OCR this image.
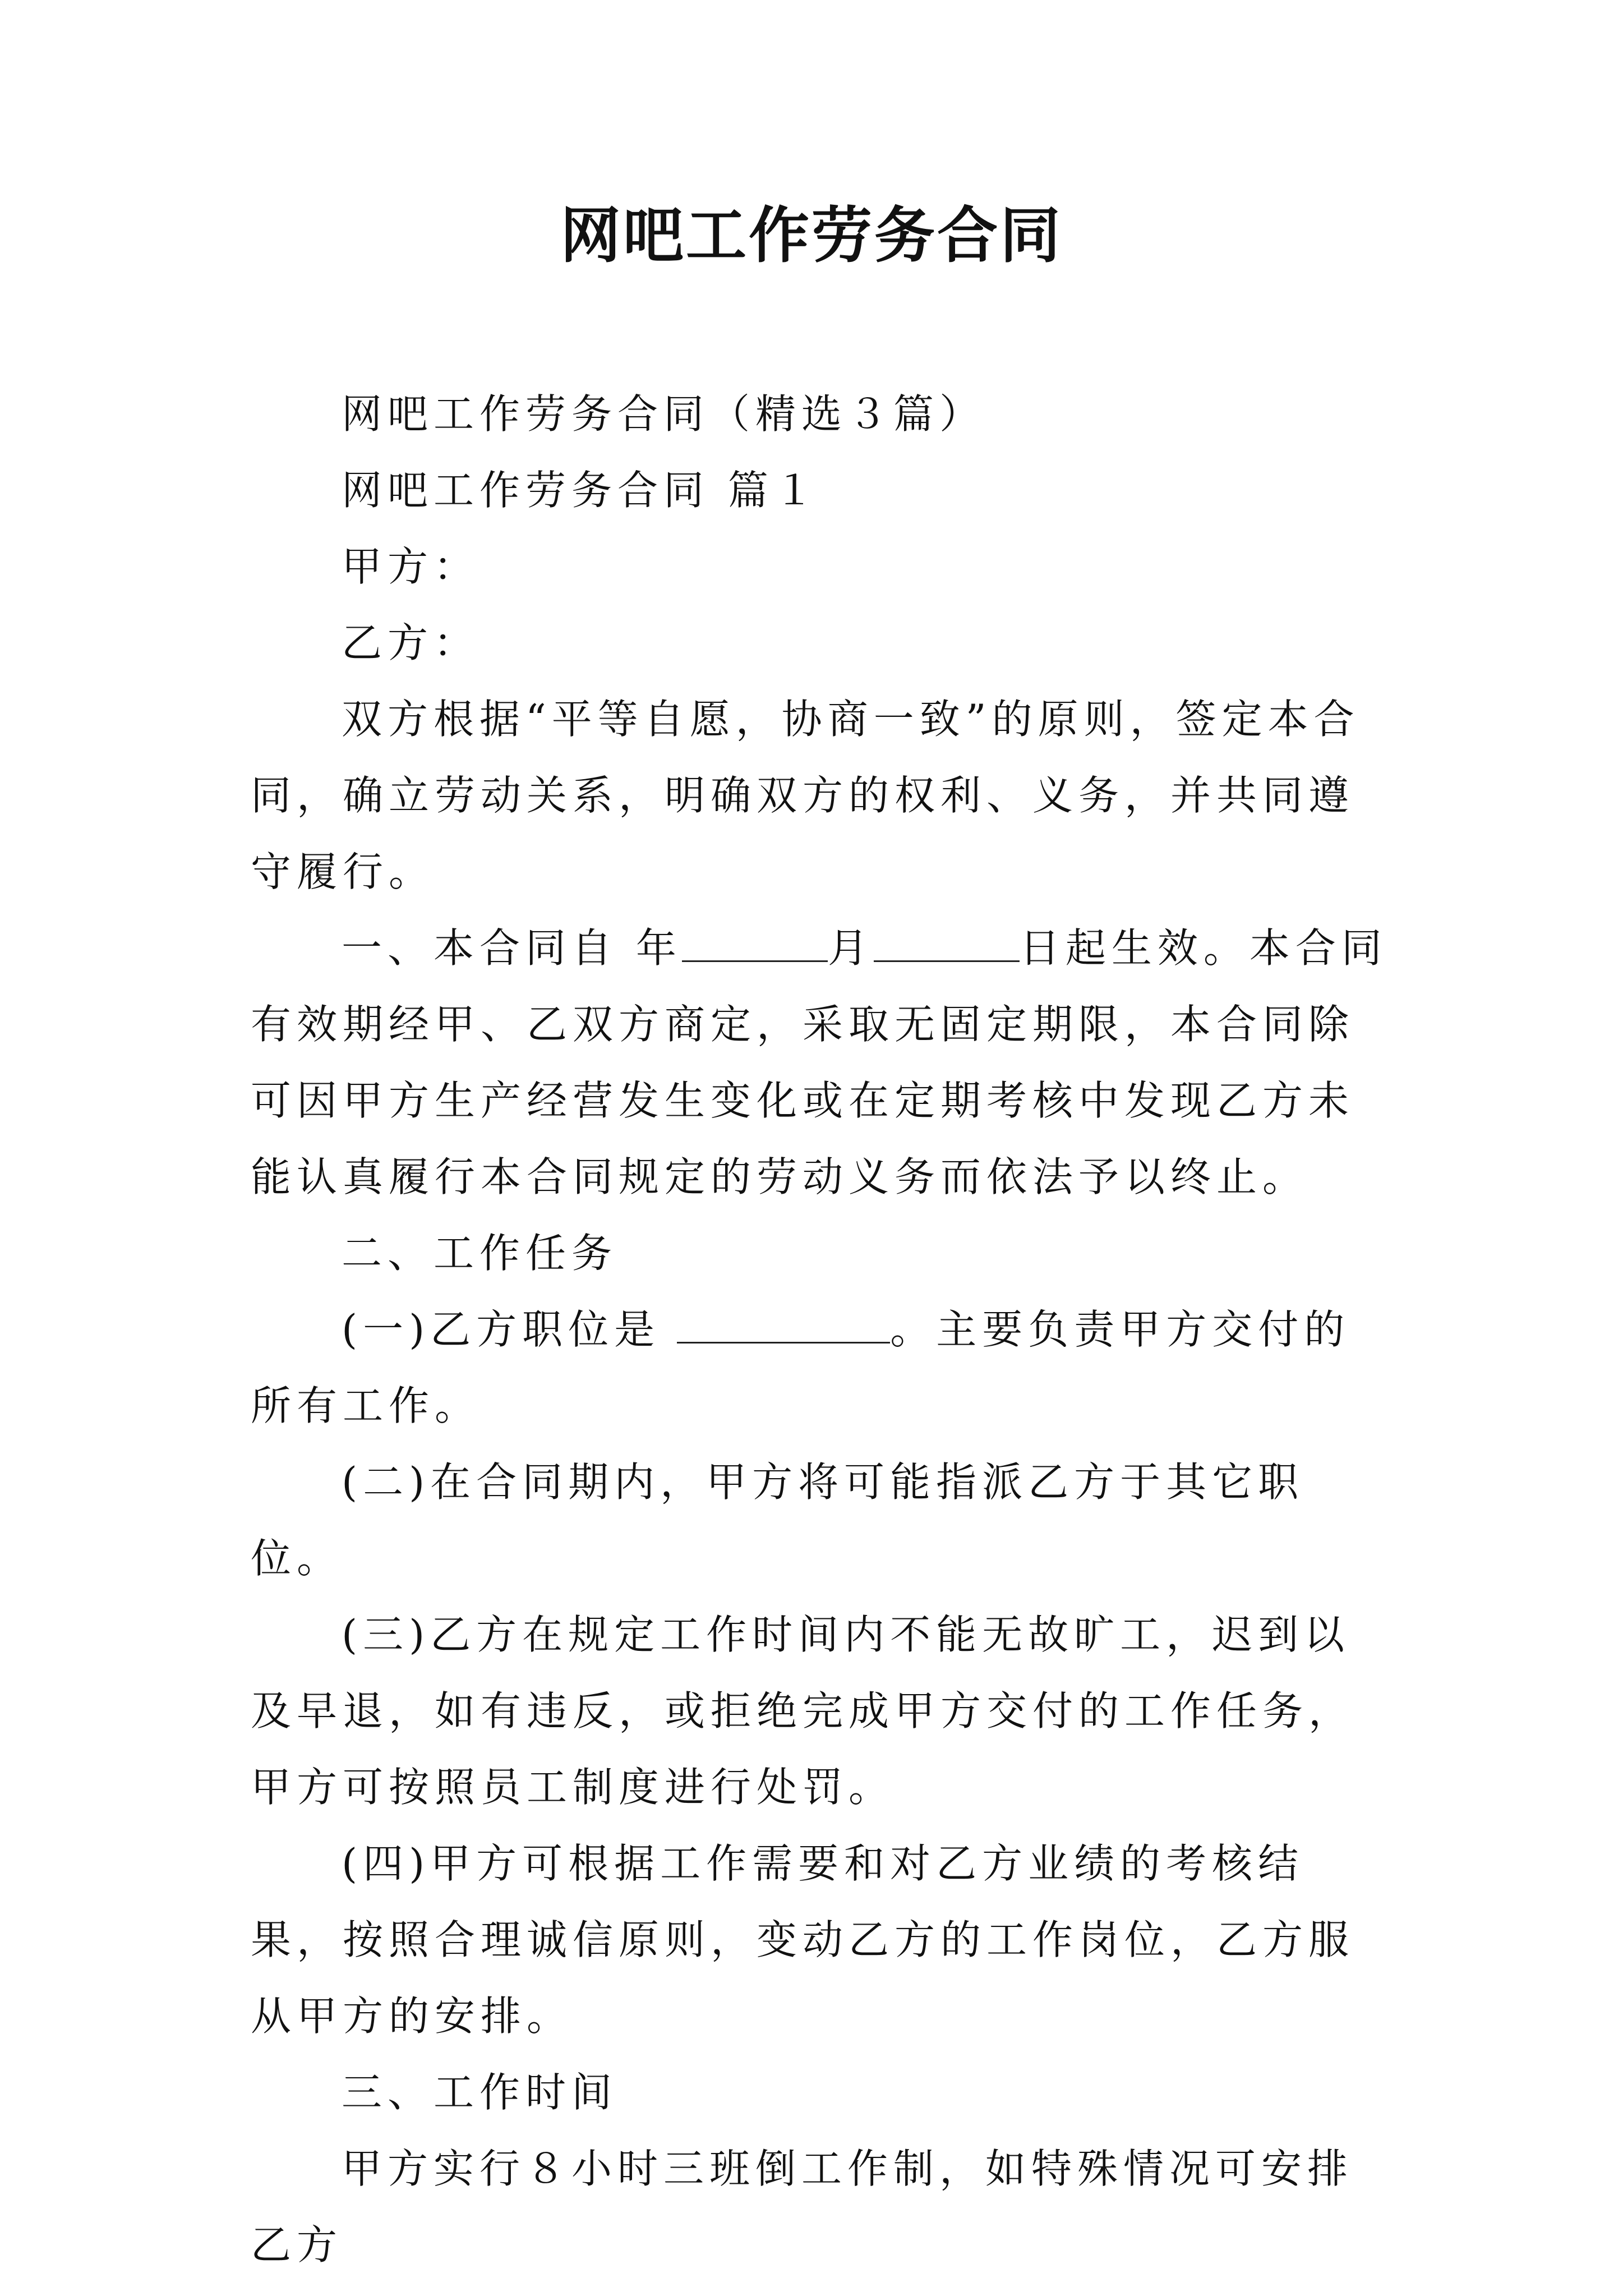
网吧工作劳务合同

网吧工作劳务合同（精选３篇）

网吧工作劳务合同 篇１

甲方：

乙方：

双方根据“平等自愿，协商一致”的原则，签定本合同，确立劳动关系，明确双方的权利、义务，并共同遵守履行。

一、本合同自 年	月	日起生效。本合同有效期经甲、乙双方商定，采取无固定期限，本合同除可因甲方生产经营发生变化或在定期考核中发现乙方未能认真履行本合同规定的劳动义务而依法予以终止。

二、工作任务

(一)乙方职位是	。主要负责甲方交付的所有工作。

(二)在合同期内，甲方将可能指派乙方于其它职位。

(三)乙方在规定工作时间内不能无故旷工，迟到以及早退，如有违反，或拒绝完成甲方交付的工作任务，甲方可按照员工制度进行处罚。

(四)甲方可根据工作需要和对乙方业绩的考核结果，按照合理诚信原则，变动乙方的工作岗位，乙方服从甲方的安排。

三、工作时间

甲方实行８小时三班倒工作制，如特殊情况可安排乙方
